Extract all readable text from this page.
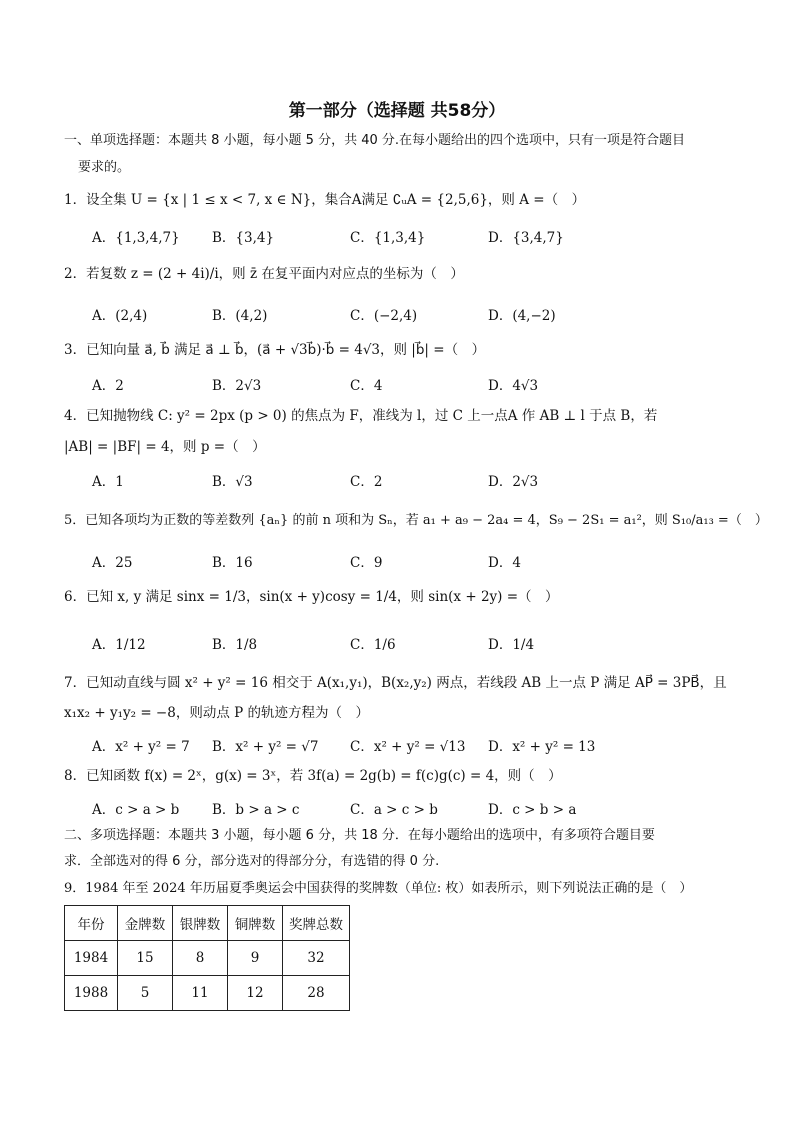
第一部分（选择题 共58分）
一、单项选择题：本题共 8 小题，每小题 5 分，共 40 分.在每小题给出的四个选项中，只有一项是符合题目
要求的。
1．设全集 U = {x | 1 ≤ x < 7, x ∈ N}，集合A满足 ∁ᵤA = {2,5,6}，则 A =（　）
A．{1,3,4,7} B．{3,4}	C．{1,3,4}	D．{3,4,7}
2．若复数 z = (2 + 4i)/i，则 z̄ 在复平面内对应点的坐标为（　）
A．(2,4)	B．(4,2)	C．(−2,4)	D．(4,−2)
3．已知向量 a⃗, b⃗ 满足 a⃗ ⊥ b⃗，(a⃗ + √3b⃗)·b⃗ = 4√3，则 |b⃗| =（　）
A．2	B．2√3	C．4	D．4√3
4．已知抛物线 C: y² = 2px (p > 0) 的焦点为 F，准线为 l，过 C 上一点A 作 AB ⊥ l 于点 B，若
|AB| = |BF| = 4，则 p =（　）
A．1	B．√3	C．2	D．2√3
5．已知各项均为正数的等差数列 {aₙ} 的前 n 项和为 Sₙ，若 a₁ + a₉ − 2a₄ = 4，S₉ − 2S₁ = a₁²，则 S₁₀/a₁₃ =（　）
A．25	B．16	C．9	D．4
6．已知 x, y 满足 sinx = 1/3，sin(x + y)cosy = 1/4，则 sin(x + 2y) =（　）
A．1/12	B．1/8	C．1/6	D．1/4
7．已知动直线与圆 x² + y² = 16 相交于 A(x₁,y₁)，B(x₂,y₂) 两点，若线段 AB 上一点 P 满足 AP⃗ = 3PB⃗，且
x₁x₂ + y₁y₂ = −8，则动点 P 的轨迹方程为（　）
A．x² + y² = 7 B．x² + y² = √7 C．x² + y² = √13 D．x² + y² = 13
8．已知函数 f(x) = 2ˣ，g(x) = 3ˣ，若 3f(a) = 2g(b) = f(c)g(c) = 4，则（　）
A．c > a > b B．b > a > c	C．a > c > b	D．c > b > a
二、多项选择题：本题共 3 小题，每小题 6 分，共 18 分．在每小题给出的选项中，有多项符合题目要
求．全部选对的得 6 分，部分选对的得部分分，有选错的得 0 分.
9．1984 年至 2024 年历届夏季奥运会中国获得的奖牌数（单位: 枚）如表所示，则下列说法正确的是（　）
年份	金牌数	银牌数	铜牌数	奖牌总数
1984	15	8	9	32
1988	5	11	12	28
